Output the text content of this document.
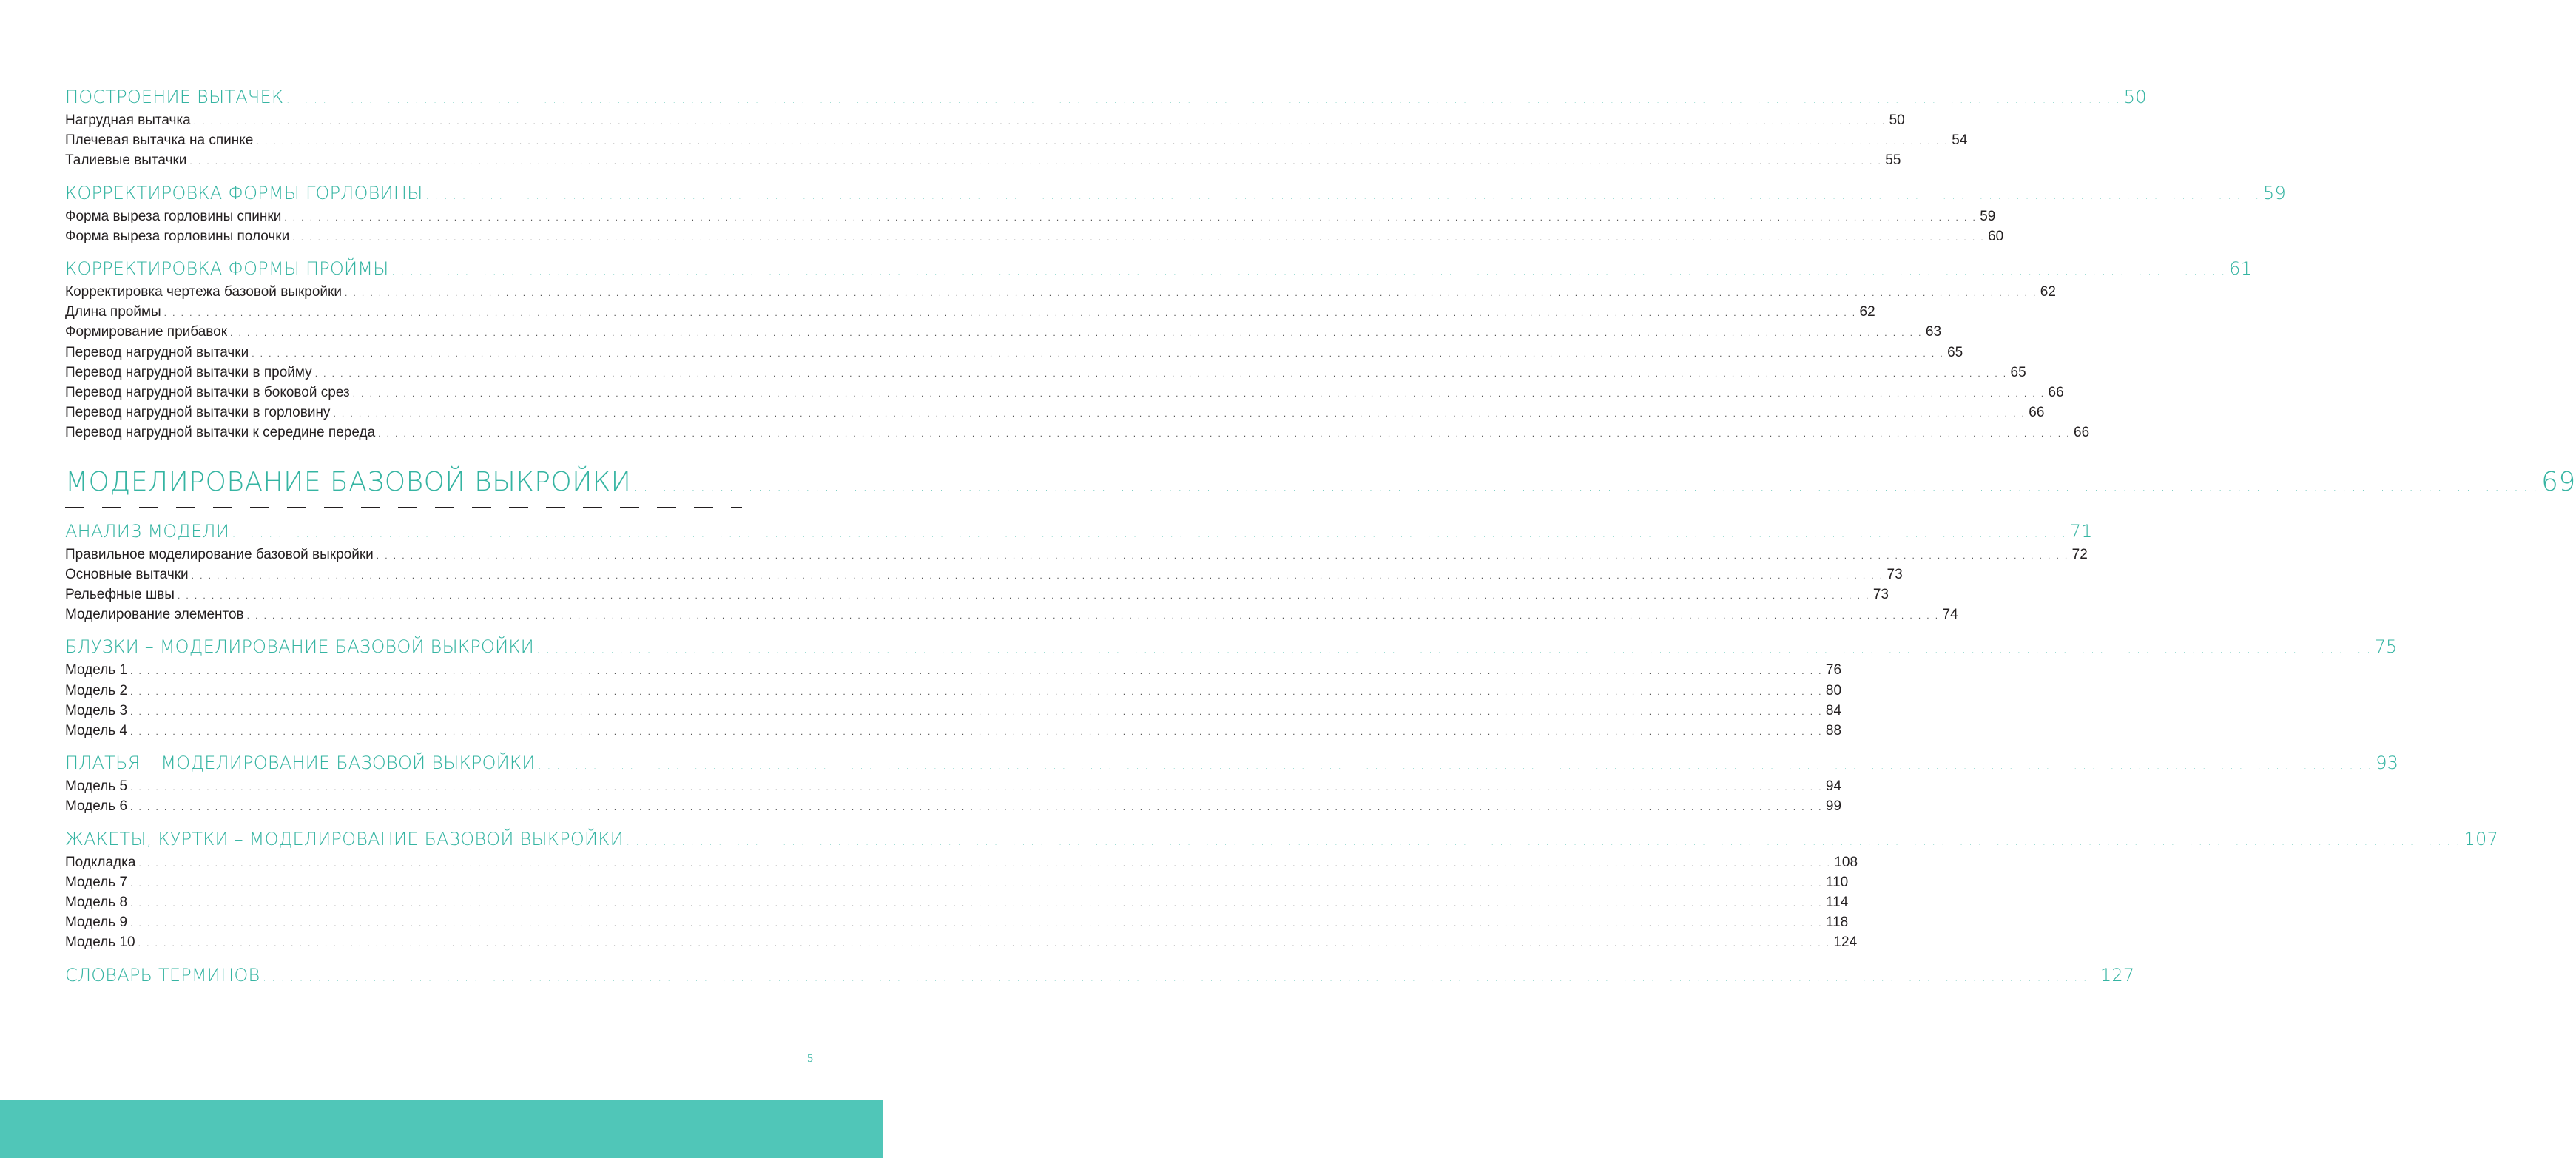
ПОСТРОЕНИЕ ВЫТАЧЕК . . . . . . . . . . . . . . . . . . . . . . . . . . . . . . . . . . . . . . . . . . . . . . . . . . . . . . . . . . . . . . . . . . . . . . . . . . . . . . . . . . . . . . . . . . . . . . . . . . . . . . . . . . . . . . . . . . . . . . . . . . . . . . . . . . . . . . . . . . . . . . . . . . . . . . . . . . . . . . . . . . . . . . . . . . . . . . . . . . . . . . . . . . . . . . . . . . . . . . . . 50
Нагрудная вытачка . . . . . . . . . . . . . . . . . . . . . . . . . . . . . . . . . . . . . . . . . . . . . . . . . . . . . . . . . . . . . . . . . . . . . . . . . . . . . . . . . . . . . . . . . . . . . . . . . . . . . . . . . . . . . . . . . . . . . . . . . . . . . . . . . . . . . . . . . . . . . . . . . . . . . . . . . . . . . . . . . . . . . . . . . . . . . . . . . . . . . . . . . . . . . . . . . . . . . . . . 50
Плечевая вытачка на спинке . . . . . . . . . . . . . . . . . . . . . . . . . . . . . . . . . . . . . . . . . . . . . . . . . . . . . . . . . . . . . . . . . . . . . . . . . . . . . . . . . . . . . . . . . . . . . . . . . . . . . . . . . . . . . . . . . . . . . . . . . . . . . . . . . . . . . . . . . . . . . . . . . . . . . . . . . . . . . . . . . . . . . . . . . . . . . . . . . . . . . . . . . . . . . . . . . . . . . . . . 54
Талиевые вытачки . . . . . . . . . . . . . . . . . . . . . . . . . . . . . . . . . . . . . . . . . . . . . . . . . . . . . . . . . . . . . . . . . . . . . . . . . . . . . . . . . . . . . . . . . . . . . . . . . . . . . . . . . . . . . . . . . . . . . . . . . . . . . . . . . . . . . . . . . . . . . . . . . . . . . . . . . . . . . . . . . . . . . . . . . . . . . . . . . . . . . . . . . . . . . . . . . . . . . . . . 55
КОРРЕКТИРОВКА ФОРМЫ ГОРЛОВИНЫ . . . . . . . . . . . . . . . . . . . . . . . . . . . . . . . . . . . . . . . . . . . . . . . . . . . . . . . . . . . . . . . . . . . . . . . . . . . . . . . . . . . . . . . . . . . . . . . . . . . . . . . . . . . . . . . . . . . . . . . . . . . . . . . . . . . . . . . . . . . . . . . . . . . . . . . . . . . . . . . . . . . . . . . . . . . . . . . . . . . . . . . . . . . . . . . . . . . . . . . . 59
Форма выреза горловины спинки . . . . . . . . . . . . . . . . . . . . . . . . . . . . . . . . . . . . . . . . . . . . . . . . . . . . . . . . . . . . . . . . . . . . . . . . . . . . . . . . . . . . . . . . . . . . . . . . . . . . . . . . . . . . . . . . . . . . . . . . . . . . . . . . . . . . . . . . . . . . . . . . . . . . . . . . . . . . . . . . . . . . . . . . . . . . . . . . . . . . . . . . . . . . . . . . . . . . . . . . 59
Форма выреза горловины полочки . . . . . . . . . . . . . . . . . . . . . . . . . . . . . . . . . . . . . . . . . . . . . . . . . . . . . . . . . . . . . . . . . . . . . . . . . . . . . . . . . . . . . . . . . . . . . . . . . . . . . . . . . . . . . . . . . . . . . . . . . . . . . . . . . . . . . . . . . . . . . . . . . . . . . . . . . . . . . . . . . . . . . . . . . . . . . . . . . . . . . . . . . . . . . . . . . . . . . . . . 60
КОРРЕКТИРОВКА ФОРМЫ ПРОЙМЫ . . . . . . . . . . . . . . . . . . . . . . . . . . . . . . . . . . . . . . . . . . . . . . . . . . . . . . . . . . . . . . . . . . . . . . . . . . . . . . . . . . . . . . . . . . . . . . . . . . . . . . . . . . . . . . . . . . . . . . . . . . . . . . . . . . . . . . . . . . . . . . . . . . . . . . . . . . . . . . . . . . . . . . . . . . . . . . . . . . . . . . . . . . . . . . . . . . . . . . . . 61
Корректировка чертежа базовой выкройки . . . . . . . . . . . . . . . . . . . . . . . . . . . . . . . . . . . . . . . . . . . . . . . . . . . . . . . . . . . . . . . . . . . . . . . . . . . . . . . . . . . . . . . . . . . . . . . . . . . . . . . . . . . . . . . . . . . . . . . . . . . . . . . . . . . . . . . . . . . . . . . . . . . . . . . . . . . . . . . . . . . . . . . . . . . . . . . . . . . . . . . . . . . . . . . . . . . . . . . . 62
Длина проймы . . . . . . . . . . . . . . . . . . . . . . . . . . . . . . . . . . . . . . . . . . . . . . . . . . . . . . . . . . . . . . . . . . . . . . . . . . . . . . . . . . . . . . . . . . . . . . . . . . . . . . . . . . . . . . . . . . . . . . . . . . . . . . . . . . . . . . . . . . . . . . . . . . . . . . . . . . . . . . . . . . . . . . . . . . . . . . . . . . . . . . . . . . . . . . . . . . . . . . . . 62
Формирование прибавок . . . . . . . . . . . . . . . . . . . . . . . . . . . . . . . . . . . . . . . . . . . . . . . . . . . . . . . . . . . . . . . . . . . . . . . . . . . . . . . . . . . . . . . . . . . . . . . . . . . . . . . . . . . . . . . . . . . . . . . . . . . . . . . . . . . . . . . . . . . . . . . . . . . . . . . . . . . . . . . . . . . . . . . . . . . . . . . . . . . . . . . . . . . . . . . . . . . . . . . . 63
Перевод нагрудной вытачки . . . . . . . . . . . . . . . . . . . . . . . . . . . . . . . . . . . . . . . . . . . . . . . . . . . . . . . . . . . . . . . . . . . . . . . . . . . . . . . . . . . . . . . . . . . . . . . . . . . . . . . . . . . . . . . . . . . . . . . . . . . . . . . . . . . . . . . . . . . . . . . . . . . . . . . . . . . . . . . . . . . . . . . . . . . . . . . . . . . . . . . . . . . . . . . . . . . . . . . . 65
Перевод нагрудной вытачки в пройму . . . . . . . . . . . . . . . . . . . . . . . . . . . . . . . . . . . . . . . . . . . . . . . . . . . . . . . . . . . . . . . . . . . . . . . . . . . . . . . . . . . . . . . . . . . . . . . . . . . . . . . . . . . . . . . . . . . . . . . . . . . . . . . . . . . . . . . . . . . . . . . . . . . . . . . . . . . . . . . . . . . . . . . . . . . . . . . . . . . . . . . . . . . . . . . . . . . . . . . . 65
Перевод нагрудной вытачки в боковой срез . . . . . . . . . . . . . . . . . . . . . . . . . . . . . . . . . . . . . . . . . . . . . . . . . . . . . . . . . . . . . . . . . . . . . . . . . . . . . . . . . . . . . . . . . . . . . . . . . . . . . . . . . . . . . . . . . . . . . . . . . . . . . . . . . . . . . . . . . . . . . . . . . . . . . . . . . . . . . . . . . . . . . . . . . . . . . . . . . . . . . . . . . . . . . . . . . . . . . . . . 66
Перевод нагрудной вытачки в горловину . . . . . . . . . . . . . . . . . . . . . . . . . . . . . . . . . . . . . . . . . . . . . . . . . . . . . . . . . . . . . . . . . . . . . . . . . . . . . . . . . . . . . . . . . . . . . . . . . . . . . . . . . . . . . . . . . . . . . . . . . . . . . . . . . . . . . . . . . . . . . . . . . . . . . . . . . . . . . . . . . . . . . . . . . . . . . . . . . . . . . . . . . . . . . . . . . . . . . . . . 66
Перевод нагрудной вытачки к середине переда . . . . . . . . . . . . . . . . . . . . . . . . . . . . . . . . . . . . . . . . . . . . . . . . . . . . . . . . . . . . . . . . . . . . . . . . . . . . . . . . . . . . . . . . . . . . . . . . . . . . . . . . . . . . . . . . . . . . . . . . . . . . . . . . . . . . . . . . . . . . . . . . . . . . . . . . . . . . . . . . . . . . . . . . . . . . . . . . . . . . . . . . . . . . . . . . . . . . . . . . 66
МОДЕЛИРОВАНИЕ БАЗОВОЙ ВЫКРОЙКИ . . . . . . . . . . . . . . . . . . . . . . . . . . . . . . . . . . . . . . . . . . . . . . . . . . . . . . . . . . . . . . . . . . . . . . . . . . . . . . . . . . . . . . . . . . . . . . . . . . . . . . . . . . . . . . . . . . . . . . . . . . . . . . . . . . . . . . . . . . . . . . . . . . . . . . . . . . . . . . . . . . . . . . . . . . . . . . . . . . . . . . . . . . . . . . . . . . . . . . . . 69
АНАЛИЗ МОДЕЛИ . . . . . . . . . . . . . . . . . . . . . . . . . . . . . . . . . . . . . . . . . . . . . . . . . . . . . . . . . . . . . . . . . . . . . . . . . . . . . . . . . . . . . . . . . . . . . . . . . . . . . . . . . . . . . . . . . . . . . . . . . . . . . . . . . . . . . . . . . . . . . . . . . . . . . . . . . . . . . . . . . . . . . . . . . . . . . . . . . . . . . . . . . . . . . . . . . . . . . . . . 71
Правильное моделирование базовой выкройки . . . . . . . . . . . . . . . . . . . . . . . . . . . . . . . . . . . . . . . . . . . . . . . . . . . . . . . . . . . . . . . . . . . . . . . . . . . . . . . . . . . . . . . . . . . . . . . . . . . . . . . . . . . . . . . . . . . . . . . . . . . . . . . . . . . . . . . . . . . . . . . . . . . . . . . . . . . . . . . . . . . . . . . . . . . . . . . . . . . . . . . . . . . . . . . . . . . . . . . . 72
Основные вытачки . . . . . . . . . . . . . . . . . . . . . . . . . . . . . . . . . . . . . . . . . . . . . . . . . . . . . . . . . . . . . . . . . . . . . . . . . . . . . . . . . . . . . . . . . . . . . . . . . . . . . . . . . . . . . . . . . . . . . . . . . . . . . . . . . . . . . . . . . . . . . . . . . . . . . . . . . . . . . . . . . . . . . . . . . . . . . . . . . . . . . . . . . . . . . . . . . . . . . . . . 73
Рельефные швы . . . . . . . . . . . . . . . . . . . . . . . . . . . . . . . . . . . . . . . . . . . . . . . . . . . . . . . . . . . . . . . . . . . . . . . . . . . . . . . . . . . . . . . . . . . . . . . . . . . . . . . . . . . . . . . . . . . . . . . . . . . . . . . . . . . . . . . . . . . . . . . . . . . . . . . . . . . . . . . . . . . . . . . . . . . . . . . . . . . . . . . . . . . . . . . . . . . . . . . . 73
Моделирование элементов . . . . . . . . . . . . . . . . . . . . . . . . . . . . . . . . . . . . . . . . . . . . . . . . . . . . . . . . . . . . . . . . . . . . . . . . . . . . . . . . . . . . . . . . . . . . . . . . . . . . . . . . . . . . . . . . . . . . . . . . . . . . . . . . . . . . . . . . . . . . . . . . . . . . . . . . . . . . . . . . . . . . . . . . . . . . . . . . . . . . . . . . . . . . . . . . . . . . . . . . 74
БЛУЗКИ – МОДЕЛИРОВАНИЕ БАЗОВОЙ ВЫКРОЙКИ . . . . . . . . . . . . . . . . . . . . . . . . . . . . . . . . . . . . . . . . . . . . . . . . . . . . . . . . . . . . . . . . . . . . . . . . . . . . . . . . . . . . . . . . . . . . . . . . . . . . . . . . . . . . . . . . . . . . . . . . . . . . . . . . . . . . . . . . . . . . . . . . . . . . . . . . . . . . . . . . . . . . . . . . . . . . . . . . . . . . . . . . . . . . . . . . . . . . . . . . 75
Модель 1 . . . . . . . . . . . . . . . . . . . . . . . . . . . . . . . . . . . . . . . . . . . . . . . . . . . . . . . . . . . . . . . . . . . . . . . . . . . . . . . . . . . . . . . . . . . . . . . . . . . . . . . . . . . . . . . . . . . . . . . . . . . . . . . . . . . . . . . . . . . . . . . . . . . . . . . . . . . . . . . . . . . . . . . . . . . . . . . . . . . . . . . . . . . . . . . . . . . . . . . . 76
Модель 2 . . . . . . . . . . . . . . . . . . . . . . . . . . . . . . . . . . . . . . . . . . . . . . . . . . . . . . . . . . . . . . . . . . . . . . . . . . . . . . . . . . . . . . . . . . . . . . . . . . . . . . . . . . . . . . . . . . . . . . . . . . . . . . . . . . . . . . . . . . . . . . . . . . . . . . . . . . . . . . . . . . . . . . . . . . . . . . . . . . . . . . . . . . . . . . . . . . . . . . . . 80
Модель 3 . . . . . . . . . . . . . . . . . . . . . . . . . . . . . . . . . . . . . . . . . . . . . . . . . . . . . . . . . . . . . . . . . . . . . . . . . . . . . . . . . . . . . . . . . . . . . . . . . . . . . . . . . . . . . . . . . . . . . . . . . . . . . . . . . . . . . . . . . . . . . . . . . . . . . . . . . . . . . . . . . . . . . . . . . . . . . . . . . . . . . . . . . . . . . . . . . . . . . . . . 84
Модель 4 . . . . . . . . . . . . . . . . . . . . . . . . . . . . . . . . . . . . . . . . . . . . . . . . . . . . . . . . . . . . . . . . . . . . . . . . . . . . . . . . . . . . . . . . . . . . . . . . . . . . . . . . . . . . . . . . . . . . . . . . . . . . . . . . . . . . . . . . . . . . . . . . . . . . . . . . . . . . . . . . . . . . . . . . . . . . . . . . . . . . . . . . . . . . . . . . . . . . . . . . 88
ПЛАТЬЯ – МОДЕЛИРОВАНИЕ БАЗОВОЙ ВЫКРОЙКИ . . . . . . . . . . . . . . . . . . . . . . . . . . . . . . . . . . . . . . . . . . . . . . . . . . . . . . . . . . . . . . . . . . . . . . . . . . . . . . . . . . . . . . . . . . . . . . . . . . . . . . . . . . . . . . . . . . . . . . . . . . . . . . . . . . . . . . . . . . . . . . . . . . . . . . . . . . . . . . . . . . . . . . . . . . . . . . . . . . . . . . . . . . . . . . . . . . . . . . . . 93
Модель 5 . . . . . . . . . . . . . . . . . . . . . . . . . . . . . . . . . . . . . . . . . . . . . . . . . . . . . . . . . . . . . . . . . . . . . . . . . . . . . . . . . . . . . . . . . . . . . . . . . . . . . . . . . . . . . . . . . . . . . . . . . . . . . . . . . . . . . . . . . . . . . . . . . . . . . . . . . . . . . . . . . . . . . . . . . . . . . . . . . . . . . . . . . . . . . . . . . . . . . . . . 94
Модель 6 . . . . . . . . . . . . . . . . . . . . . . . . . . . . . . . . . . . . . . . . . . . . . . . . . . . . . . . . . . . . . . . . . . . . . . . . . . . . . . . . . . . . . . . . . . . . . . . . . . . . . . . . . . . . . . . . . . . . . . . . . . . . . . . . . . . . . . . . . . . . . . . . . . . . . . . . . . . . . . . . . . . . . . . . . . . . . . . . . . . . . . . . . . . . . . . . . . . . . . . . 99
ЖАКЕТЫ, КУРТКИ – МОДЕЛИРОВАНИЕ БАЗОВОЙ ВЫКРОЙКИ . . . . . . . . . . . . . . . . . . . . . . . . . . . . . . . . . . . . . . . . . . . . . . . . . . . . . . . . . . . . . . . . . . . . . . . . . . . . . . . . . . . . . . . . . . . . . . . . . . . . . . . . . . . . . . . . . . . . . . . . . . . . . . . . . . . . . . . . . . . . . . . . . . . . . . . . . . . . . . . . . . . . . . . . . . . . . . . . . . . . . . . . . . . . . . . . . . . . . . . . 107
Подкладка . . . . . . . . . . . . . . . . . . . . . . . . . . . . . . . . . . . . . . . . . . . . . . . . . . . . . . . . . . . . . . . . . . . . . . . . . . . . . . . . . . . . . . . . . . . . . . . . . . . . . . . . . . . . . . . . . . . . . . . . . . . . . . . . . . . . . . . . . . . . . . . . . . . . . . . . . . . . . . . . . . . . . . . . . . . . . . . . . . . . . . . . . . . . . . . . . . . . . . . . 108
Модель 7 . . . . . . . . . . . . . . . . . . . . . . . . . . . . . . . . . . . . . . . . . . . . . . . . . . . . . . . . . . . . . . . . . . . . . . . . . . . . . . . . . . . . . . . . . . . . . . . . . . . . . . . . . . . . . . . . . . . . . . . . . . . . . . . . . . . . . . . . . . . . . . . . . . . . . . . . . . . . . . . . . . . . . . . . . . . . . . . . . . . . . . . . . . . . . . . . . . . . . . . . 110
Модель 8 . . . . . . . . . . . . . . . . . . . . . . . . . . . . . . . . . . . . . . . . . . . . . . . . . . . . . . . . . . . . . . . . . . . . . . . . . . . . . . . . . . . . . . . . . . . . . . . . . . . . . . . . . . . . . . . . . . . . . . . . . . . . . . . . . . . . . . . . . . . . . . . . . . . . . . . . . . . . . . . . . . . . . . . . . . . . . . . . . . . . . . . . . . . . . . . . . . . . . . . . 114
Модель 9 . . . . . . . . . . . . . . . . . . . . . . . . . . . . . . . . . . . . . . . . . . . . . . . . . . . . . . . . . . . . . . . . . . . . . . . . . . . . . . . . . . . . . . . . . . . . . . . . . . . . . . . . . . . . . . . . . . . . . . . . . . . . . . . . . . . . . . . . . . . . . . . . . . . . . . . . . . . . . . . . . . . . . . . . . . . . . . . . . . . . . . . . . . . . . . . . . . . . . . . . 118
Модель 10 . . . . . . . . . . . . . . . . . . . . . . . . . . . . . . . . . . . . . . . . . . . . . . . . . . . . . . . . . . . . . . . . . . . . . . . . . . . . . . . . . . . . . . . . . . . . . . . . . . . . . . . . . . . . . . . . . . . . . . . . . . . . . . . . . . . . . . . . . . . . . . . . . . . . . . . . . . . . . . . . . . . . . . . . . . . . . . . . . . . . . . . . . . . . . . . . . . . . . . . . 124
СЛОВАРЬ ТЕРМИНОВ . . . . . . . . . . . . . . . . . . . . . . . . . . . . . . . . . . . . . . . . . . . . . . . . . . . . . . . . . . . . . . . . . . . . . . . . . . . . . . . . . . . . . . . . . . . . . . . . . . . . . . . . . . . . . . . . . . . . . . . . . . . . . . . . . . . . . . . . . . . . . . . . . . . . . . . . . . . . . . . . . . . . . . . . . . . . . . . . . . . . . . . . . . . . . . . . . . . . . . . . 127
5
